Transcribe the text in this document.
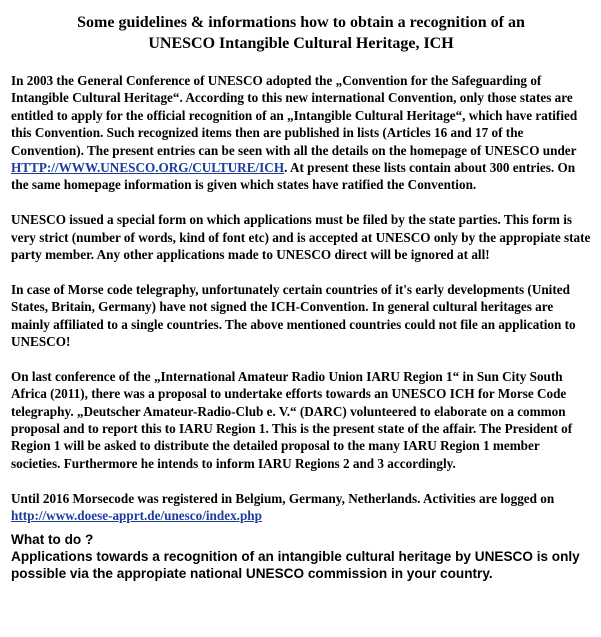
Some guidelines & informations how to obtain a recognition of an
UNESCO Intangible Cultural Heritage, ICH

In 2003 the General Conference of UNESCO adopted the „Convention for the Safeguarding of Intangible Cultural Heritage“. According to this new international Convention, only those states are entitled to apply for the official recognition of an „Intangible Cultural Heritage“, which have ratified this Convention. Such recognized items then are published in lists (Articles 16 and 17 of the Convention). The present entries can be seen with all the details on the homepage of UNESCO under HTTP://WWW.UNESCO.ORG/CULTURE/ICH. At present these lists contain about 300 entries. On the same homepage information is given which states have ratified the Convention.

UNESCO issued a special form on which applications must be filed by the state parties. This form is very strict (number of words, kind of font etc) and is accepted at UNESCO only by the appropiate state party member. Any other applications made to UNESCO direct will be ignored at all!

In case of Morse code telegraphy, unfortunately certain countries of it's early developments (United States, Britain, Germany) have not signed the ICH-Convention. In general cultural heritages are mainly affiliated to a single countries. The above mentioned countries could not file an application to UNESCO!

On last conference of the „International Amateur Radio Union IARU Region 1“ in Sun City South Africa (2011), there was a proposal to undertake efforts towards an UNESCO ICH for Morse Code telegraphy. „Deutscher Amateur-Radio-Club e. V.“ (DARC) volunteered to elaborate on a common proposal and to report this to IARU Region 1. This is the present state of the affair. The President of Region 1 will be asked to distribute the detailed proposal to the many IARU Region 1 member societies. Furthermore he intends to inform IARU Regions 2 and 3 accordingly.

Until 2016 Morsecode was registered in Belgium, Germany, Netherlands. Activities are logged on http://www.doese-apprt.de/unesco/index.php

What to do ?
Applications towards a recognition of an intangible cultural heritage by UNESCO is only possible via the appropiate national UNESCO commission in your country.
